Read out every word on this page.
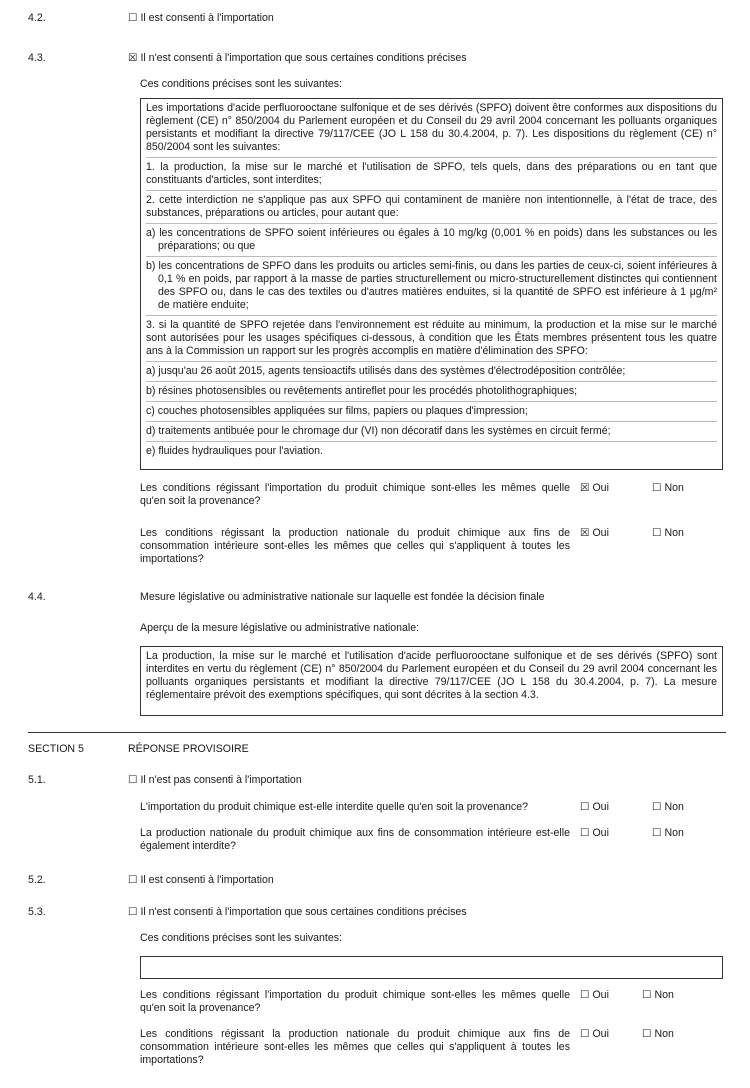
4.2.	☐ Il est consenti à l'importation
4.3.	☒ Il n'est consenti à l'importation que sous certaines conditions précises
Ces conditions précises sont les suivantes:

Les importations d'acide perfluorooctane sulfonique et de ses dérivés (SPFO) doivent être conformes aux dispositions du règlement (CE) n° 850/2004 du Parlement européen et du Conseil du 29 avril 2004 concernant les polluants organiques persistants et modifiant la directive 79/117/CEE (JO L 158 du 30.4.2004, p. 7). Les dispositions du règlement (CE) n° 850/2004 sont les suivantes:

1. la production, la mise sur le marché et l'utilisation de SPFO, tels quels, dans des préparations ou en tant que constituants d'articles, sont interdites;

2. cette interdiction ne s'applique pas aux SPFO qui contaminent de manière non intentionnelle, à l'état de trace, des substances, préparations ou articles, pour autant que:

a) les concentrations de SPFO soient inférieures ou égales à 10 mg/kg (0,001 % en poids) dans les substances ou les préparations; ou que

b) les concentrations de SPFO dans les produits ou articles semi-finis, ou dans les parties de ceux-ci, soient inférieures à 0,1 % en poids, par rapport à la masse de parties structurellement ou micro-structurellement distinctes qui contiennent des SPFO ou, dans le cas des textiles ou d'autres matières enduites, si la quantité de SPFO est inférieure à 1 μg/m² de matière enduite;

3. si la quantité de SPFO rejetée dans l'environnement est réduite au minimum, la production et la mise sur le marché sont autorisées pour les usages spécifiques ci-dessous, à condition que les États membres présentent tous les quatre ans à la Commission un rapport sur les progrès accomplis en matière d'élimination des SPFO:

a) jusqu'au 26 août 2015, agents tensioactifs utilisés dans des systèmes d'électrodéposition contrôlée;

b) résines photosensibles ou revêtements antireflet pour les procédés photolithographiques;

c) couches photosensibles appliquées sur films, papiers ou plaques d'impression;

d) traitements antibuée pour le chromage dur (VI) non décoratif dans les systèmes en circuit fermé;

e) fluides hydrauliques pour l'aviation.

Les conditions régissant l'importation du produit chimique sont-elles les mêmes quelle qu'en soit la provenance?
☒ Oui	☐ Non
Les conditions régissant la production nationale du produit chimique aux fins de consommation intérieure sont-elles les mêmes que celles qui s'appliquent à toutes les importations?
☒ Oui	☐ Non
4.4.	Mesure législative ou administrative nationale sur laquelle est fondée la décision finale
Aperçu de la mesure législative ou administrative nationale:

La production, la mise sur le marché et l'utilisation d'acide perfluorooctane sulfonique et de ses dérivés (SPFO) sont interdites en vertu du règlement (CE) n° 850/2004 du Parlement européen et du Conseil du 29 avril 2004 concernant les polluants organiques persistants et modifiant la directive 79/117/CEE (JO L 158 du 30.4.2004, p. 7). La mesure réglementaire prévoit des exemptions spécifiques, qui sont décrites à la section 4.3.

SECTION 5	RÉPONSE PROVISOIRE
5.1.	☐ Il n'est pas consenti à l'importation
L'importation du produit chimique est-elle interdite quelle qu'en soit la provenance?	☐ Oui	☐ Non
La production nationale du produit chimique aux fins de consommation intérieure est-elle également interdite?
☐ Oui	☐ Non
5.2.	☐ Il est consenti à l'importation
5.3.	☐ Il n'est consenti à l'importation que sous certaines conditions précises
Ces conditions précises sont les suivantes:
Les conditions régissant l'importation du produit chimique sont-elles les mêmes quelle qu'en soit la provenance?
☐ Oui	☐ Non
Les conditions régissant la production nationale du produit chimique aux fins de consommation intérieure sont-elles les mêmes que celles qui s'appliquent à toutes les importations?
☐ Oui	☐ Non
